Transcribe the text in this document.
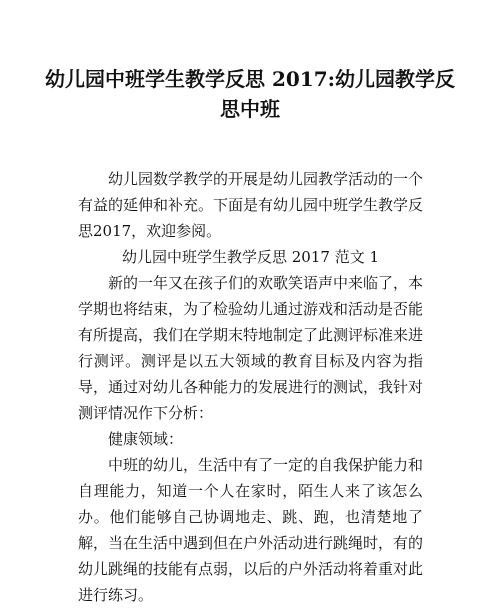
幼儿园中班学生教学反思 2017:幼儿园教学反思中班

幼儿园数学教学的开展是幼儿园教学活动的一个有益的延伸和补充。下面是有幼儿园中班学生教学反思2017，欢迎参阅。

幼儿园中班学生教学反思 2017 范文 1

新的一年又在孩子们的欢歌笑语声中来临了，本学期也将结束，为了检验幼儿通过游戏和活动是否能有所提高，我们在学期末特地制定了此测评标准来进行测评。测评是以五大领域的教育目标及内容为指导，通过对幼儿各种能力的发展进行的测试，我针对测评情况作下分析：

健康领域：

中班的幼儿，生活中有了一定的自我保护能力和自理能力，知道一个人在家时，陌生人来了该怎么办。他们能够自己协调地走、跳、跑，也清楚地了解，当在生活中遇到但在户外活动进行跳绳时，有的幼儿跳绳的技能有点弱，以后的户外活动将着重对此进行练习。
